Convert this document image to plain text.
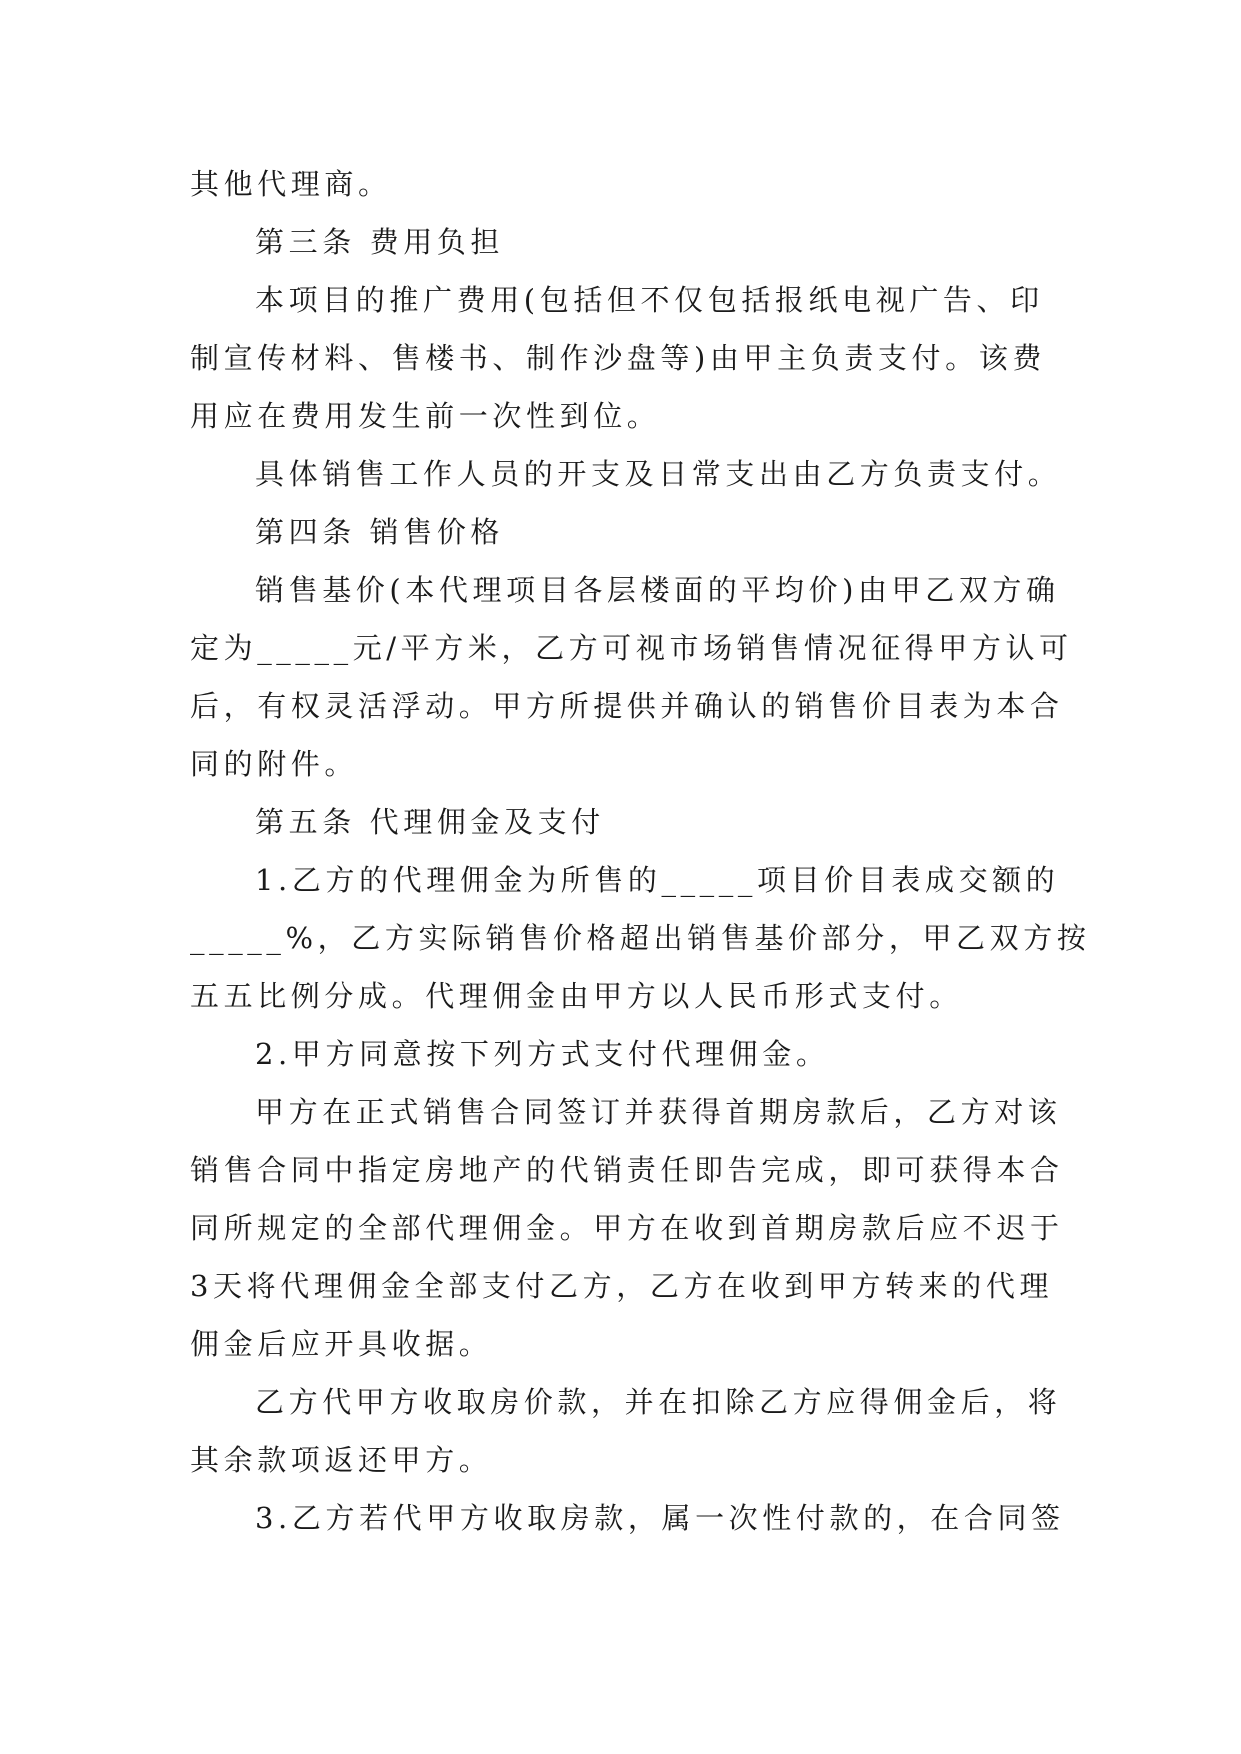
其他代理商。

第三条 费用负担

本项目的推广费用(包括但不仅包括报纸电视广告、印

制宣传材料、售楼书、制作沙盘等)由甲主负责支付。该费

用应在费用发生前一次性到位。

具体销售工作人员的开支及日常支出由乙方负责支付。

第四条 销售价格

销售基价(本代理项目各层楼面的平均价)由甲乙双方确

定为_____元/平方米，乙方可视市场销售情况征得甲方认可

后，有权灵活浮动。甲方所提供并确认的销售价目表为本合

同的附件。

第五条 代理佣金及支付

1.乙方的代理佣金为所售的_____项目价目表成交额的

_____%，乙方实际销售价格超出销售基价部分，甲乙双方按

五五比例分成。代理佣金由甲方以人民币形式支付。

2.甲方同意按下列方式支付代理佣金。

甲方在正式销售合同签订并获得首期房款后，乙方对该

销售合同中指定房地产的代销责任即告完成，即可获得本合

同所规定的全部代理佣金。甲方在收到首期房款后应不迟于

3天将代理佣金全部支付乙方，乙方在收到甲方转来的代理

佣金后应开具收据。

乙方代甲方收取房价款，并在扣除乙方应得佣金后，将

其余款项返还甲方。

3.乙方若代甲方收取房款，属一次性付款的，在合同签
